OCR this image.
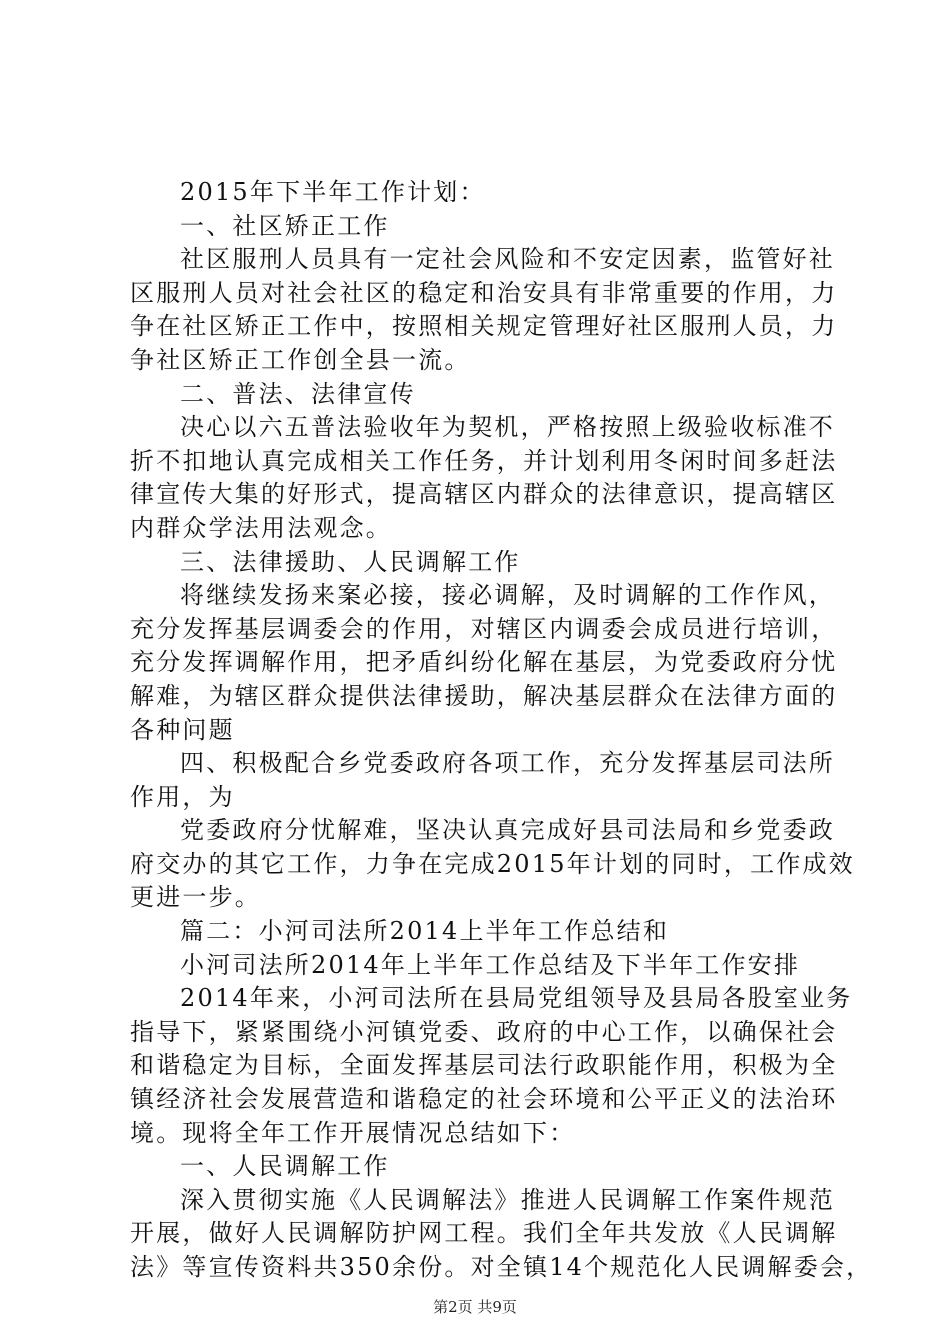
2015年下半年工作计划：
一、社区矫正工作
社区服刑人员具有一定社会风险和不安定因素，监管好社
区服刑人员对社会社区的稳定和治安具有非常重要的作用，力
争在社区矫正工作中，按照相关规定管理好社区服刑人员，力
争社区矫正工作创全县一流。
二、普法、法律宣传
决心以六五普法验收年为契机，严格按照上级验收标准不
折不扣地认真完成相关工作任务，并计划利用冬闲时间多赶法
律宣传大集的好形式，提高辖区内群众的法律意识，提高辖区
内群众学法用法观念。
三、法律援助、人民调解工作
将继续发扬来案必接，接必调解，及时调解的工作作风，
充分发挥基层调委会的作用，对辖区内调委会成员进行培训，
充分发挥调解作用，把矛盾纠纷化解在基层，为党委政府分忧
解难，为辖区群众提供法律援助，解决基层群众在法律方面的
各种问题
四、积极配合乡党委政府各项工作，充分发挥基层司法所
作用，为
党委政府分忧解难，坚决认真完成好县司法局和乡党委政
府交办的其它工作，力争在完成2015年计划的同时，工作成效
更进一步。
篇二：小河司法所2014上半年工作总结和
小河司法所2014年上半年工作总结及下半年工作安排
2014年来，小河司法所在县局党组领导及县局各股室业务
指导下，紧紧围绕小河镇党委、政府的中心工作，以确保社会
和谐稳定为目标，全面发挥基层司法行政职能作用，积极为全
镇经济社会发展营造和谐稳定的社会环境和公平正义的法治环
境。现将全年工作开展情况总结如下：
一、人民调解工作
深入贯彻实施《人民调解法》推进人民调解工作案件规范
开展，做好人民调解防护网工程。我们全年共发放《人民调解
法》等宣传资料共350余份。对全镇14个规范化人民调解委会，
第2页 共9页
